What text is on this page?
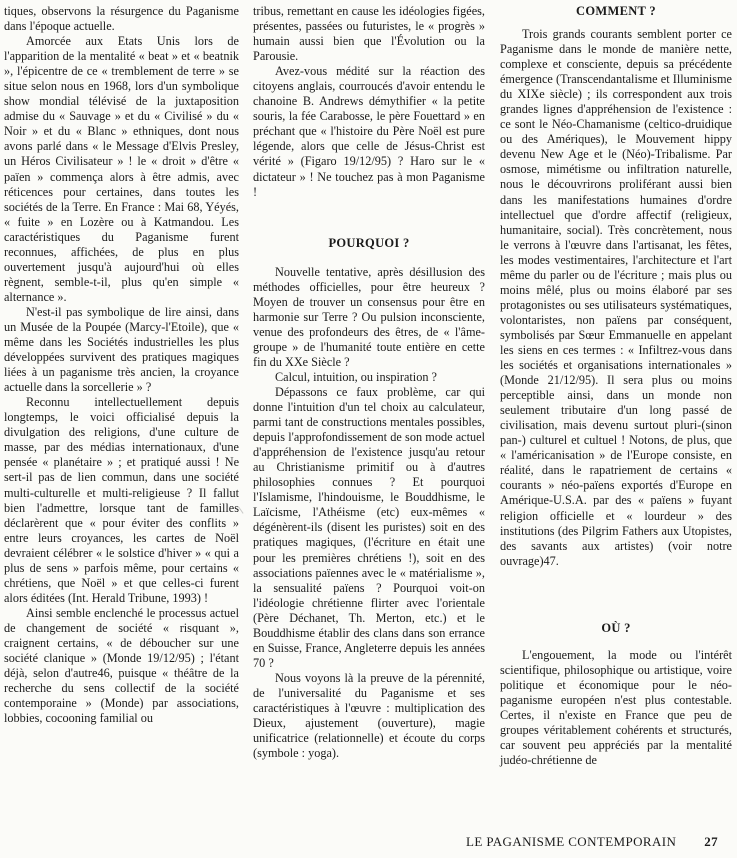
tiques, observons la résurgence du Paganisme dans l'époque actuelle.

Amorcée aux Etats Unis lors de l'apparition de la mentalité « beat » et « beatnik », l'épicentre de ce « tremblement de terre » se situe selon nous en 1968, lors d'un symbolique show mondial télévisé de la juxtaposition admise du « Sauvage » et du « Civilisé » du « Noir » et du « Blanc » ethniques, dont nous avons parlé dans « le Message d'Elvis Presley, un Héros Civilisateur » ! le « droit » d'être « païen » commença alors à être admis, avec réticences pour certaines, dans toutes les sociétés de la Terre. En France : Mai 68, Yéyés, « fuite » en Lozère ou à Katmandou. Les caractéristiques du Paganisme furent reconnues, affichées, de plus en plus ouvertement jusqu'à aujourd'hui où elles règnent, semble-t-il, plus qu'en simple « alternance ».

N'est-il pas symbolique de lire ainsi, dans un Musée de la Poupée (Marcy-l'Etoile), que « même dans les Sociétés industrielles les plus développées survivent des pratiques magiques liées à un paganisme très ancien, la croyance actuelle dans la sorcellerie » ?

Reconnu intellectuellement depuis longtemps, le voici officialisé depuis la divulgation des religions, d'une culture de masse, par des médias internationaux, d'une pensée « planétaire » ; et pratiqué aussi ! Ne sert-il pas de lien commun, dans une société multi-culturelle et multi-religieuse ? Il fallut bien l'admettre, lorsque tant de familles déclarèrent que « pour éviter des conflits » entre leurs croyances, les cartes de Noël devraient célébrer « le solstice d'hiver » « qui a plus de sens » parfois même, pour certains « chrétiens, que Noël » et que celles-ci furent alors éditées (Int. Herald Tribune, 1993) !

Ainsi semble enclenché le processus actuel de changement de société « risquant », craignent certains, « de déboucher sur une société clanique » (Monde 19/12/95) ; l'étant déjà, selon d'autre46, puisque « théâtre de la recherche du sens collectif de la société contemporaine » (Monde) par associations, lobbies, cocooning familial ou

tribus, remettant en cause les idéologies figées, présentes, passées ou futuristes, le « progrès » humain aussi bien que l'Évolution ou la Parousie.

Avez-vous médité sur la réaction des citoyens anglais, courroucés d'avoir entendu le chanoine B. Andrews démythifier « la petite souris, la fée Carabosse, le père Fouettard » en préchant que « l'histoire du Père Noël est pure légende, alors que celle de Jésus-Christ est vérité » (Figaro 19/12/95) ? Haro sur le « dictateur » ! Ne touchez pas à mon Paganisme !

POURQUOI ?

Nouvelle tentative, après désillusion des méthodes officielles, pour être heureux ? Moyen de trouver un consensus pour être en harmonie sur Terre ? Ou pulsion inconsciente, venue des profondeurs des êtres, de « l'âme-groupe » de l'humanité toute entière en cette fin du XXe Siècle ?

Calcul, intuition, ou inspiration ?

Dépassons ce faux problème, car qui donne l'intuition d'un tel choix au calculateur, parmi tant de constructions mentales possibles, depuis l'approfondissement de son mode actuel d'appréhension de l'existence jusqu'au retour au Christianisme primitif ou à d'autres philosophies connues ? Et pourquoi l'Islamisme, l'hindouisme, le Bouddhisme, le Laïcisme, l'Athéisme (etc) eux-mêmes « dégénèrent-ils (disent les puristes) soit en des pratiques magiques, (l'écriture en était une pour les premières chrétiens !), soit en des associations païennes avec le « matérialisme », la sensualité païens ? Pourquoi voit-on l'idéologie chrétienne flirter avec l'orientale (Père Déchanet, Th. Merton, etc.) et le Bouddhisme établir des clans dans son errance en Suisse, France, Angleterre depuis les années 70 ?

Nous voyons là la preuve de la pérennité, de l'universalité du Paganisme et ses caractéristiques à l'œuvre : multiplication des Dieux, ajustement (ouverture), magie unificatrice (relationnelle) et écoute du corps (symbole : yoga).

COMMENT ?

Trois grands courants semblent porter ce Paganisme dans le monde de manière nette, complexe et consciente, depuis sa précédente émergence (Transcendantalisme et Illuminisme du XIXe siècle) ; ils correspondent aux trois grandes lignes d'appréhension de l'existence : ce sont le Néo-Chamanisme (celtico-druidique ou des Amériques), le Mouvement hippy devenu New Age et le (Néo)-Tribalisme. Par osmose, mimétisme ou infiltration naturelle, nous le découvrirons proliférant aussi bien dans les manifestations humaines d'ordre intellectuel que d'ordre affectif (religieux, humanitaire, social). Très concrètement, nous le verrons à l'œuvre dans l'artisanat, les fêtes, les modes vestimentaires, l'architecture et l'art même du parler ou de l'écriture ; mais plus ou moins mêlé, plus ou moins élaboré par ses protagonistes ou ses utilisateurs systématiques, volontaristes, non païens par conséquent, symbolisés par Sœur Emmanuelle en appelant les siens en ces termes : « Infiltrez-vous dans les sociétés et organisations internationales » (Monde 21/12/95). Il sera plus ou moins perceptible ainsi, dans un monde non seulement tributaire d'un long passé de civilisation, mais devenu surtout pluri-(sinon pan-) culturel et cultuel ! Notons, de plus, que « l'américanisation » de l'Europe consiste, en réalité, dans le rapatriement de certains « courants » néo-païens exportés d'Europe en Amérique-U.S.A. par des « païens » fuyant religion officielle et « lourdeur » des institutions (des Pilgrim Fathers aux Utopistes, des savants aux artistes) (voir notre ouvrage)47.

OÙ ?

L'engouement, la mode ou l'intérêt scientifique, philosophique ou artistique, voire politique et économique pour le néo-paganisme européen n'est plus contestable. Certes, il n'existe en France que peu de groupes véritablement cohérents et structurés, car souvent peu appréciés par la mentalité judéo-chrétienne de

LE PAGANISME CONTEMPORAIN 27
